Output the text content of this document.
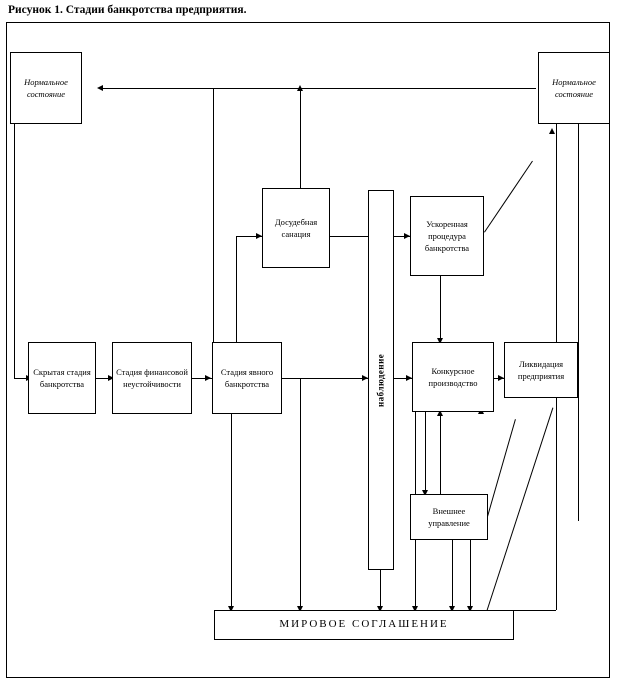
Рисунок 1. Стадии банкротства предприятия.
Нормальное состояние
Нормальное состояние
Скрытая стадия банкротства
Стадия финансовой неустойчивости
Стадия явного банкротства
Досудебная санация
Ускоренная процедура банкротства
наблюдение	Конкурсное производство
Ликвидация предприятия
Внешнее управление
МИРОВОЕ СОГЛАШЕНИЕ
